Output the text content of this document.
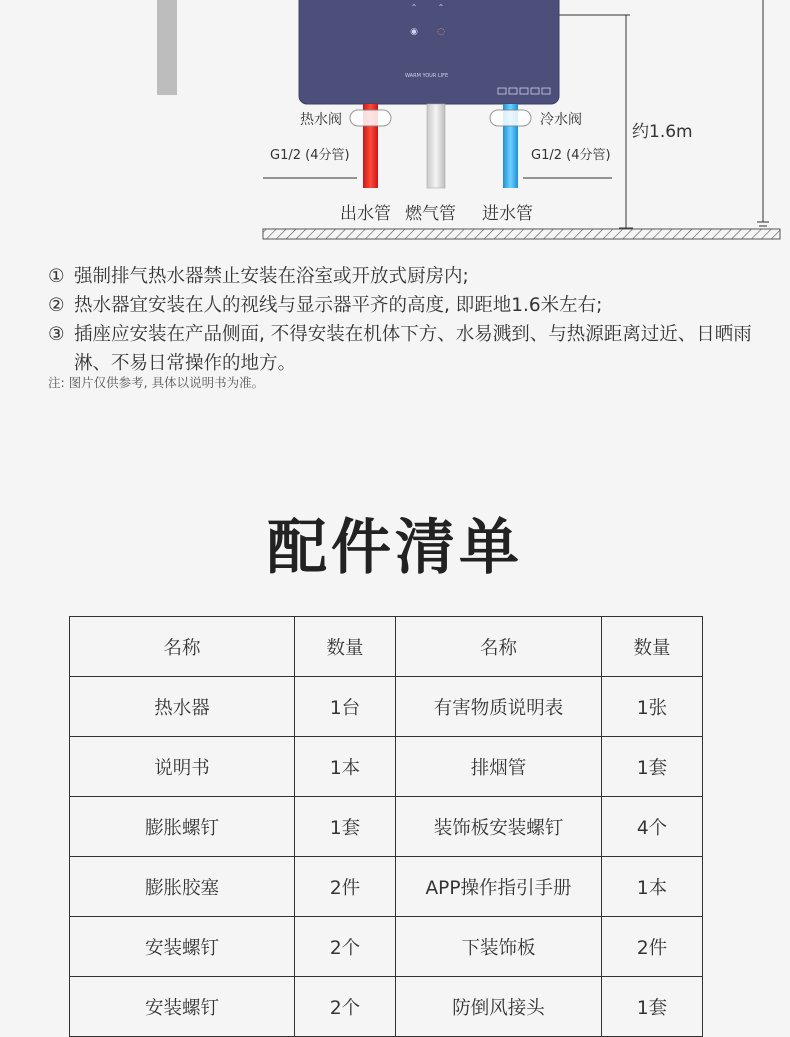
⌃	⌃
◉ ◌
WARM YOUR LIFE
热水阀	冷水阀
G1/2 (4分管)	G1/2 (4分管)
出水管 燃气管 进水管
约1.6m
① 强制排气热水器禁止安装在浴室或开放式厨房内;
② 热水器宜安装在人的视线与显示器平齐的高度, 即距地1.6米左右;
③ 插座应安装在产品侧面, 不得安装在机体下方、水易溅到、与热源距离过近、日晒雨淋、不易日常操作的地方。
注: 图片仅供参考, 具体以说明书为准。
配件清单
名称	数量	名称	数量
热水器	1台	有害物质说明表	1张
说明书	1本	排烟管	1套
膨胀螺钉	1套	装饰板安装螺钉	4个
膨胀胶塞	2件	APP操作指引手册	1本
安装螺钉	2个	下装饰板	2件
安装螺钉	2个	防倒风接头	1套
